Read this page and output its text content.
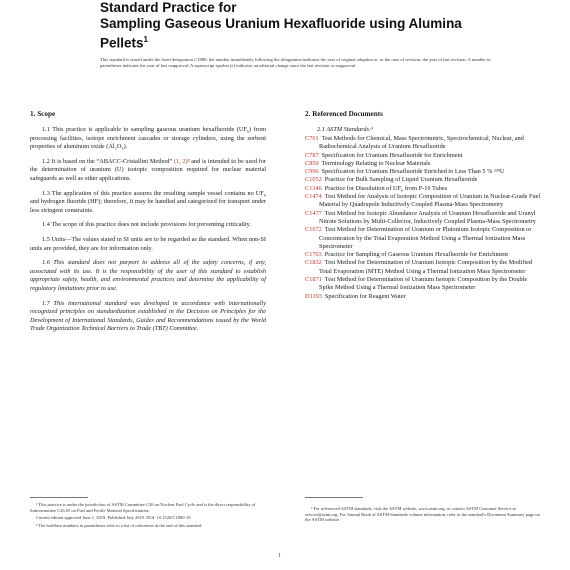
Standard Practice for
Sampling Gaseous Uranium Hexafluoride using Alumina
Pellets$^1$
This standard is issued under the fixed designation C1880; the number immediately following the designation indicates the year of original adoption or, in the case of revision, the year of last revision. A number in parentheses indicates the year of last reapproval. A superscript epsilon (ε) indicates an editorial change since the last revision or reapproval.
1. Scope

1.1 This practice is applicable to sampling gaseous uranium hexafluoride (UF₆) from processing facilities, isotope enrichment cascades or storage cylinders, using the sorbent properties of aluminum oxide (Al₂O₃).

1.2 It is based on the “ABACC-Cristallini Method” (1, 2)² and is intended to be used for the determination of uranium (U) isotopic composition required for nuclear material safeguards as well as other applications.

1.3 The application of this practice assures the resulting sample vessel contains no UF₆ and hydrogen fluoride (HF); therefore, it may be handled and categorized for transport under less stringent constraints.

1.4 The scope of this practice does not include provisions for preventing criticality.

1.5 Units—The values stated in SI units are to be regarded as the standard. When non-SI units are provided, they are for information only.

1.6 This standard does not purport to address all of the safety concerns, if any, associated with its use. It is the responsibility of the user of this standard to establish appropriate safety, health, and environmental practices and determine the applicability of regulatory limitations prior to use.

1.7 This international standard was developed in accordance with internationally recognized principles on standardization established in the Decision on Principles for the Development of International Standards, Guides and Recommendations issued by the World Trade Organization Technical Barriers to Trade (TBT) Committee.

2. Referenced Documents
2.1 ASTM Standards:³
C761 Test Methods for Chemical, Mass Spectrometric, Spectrochemical, Nuclear, and Radiochemical Analysis of Uranium Hexafluoride
C787 Specification for Uranium Hexafluoride for Enrichment
C859 Terminology Relating to Nuclear Materials
C996 Specification for Uranium Hexafluoride Enriched to Less Than 5 % ²³⁵U
C1052 Practice for Bulk Sampling of Liquid Uranium Hexafluoride
C1346 Practice for Dissolution of UF₆ from P-10 Tubes
C1474 Test Method for Analysis of Isotopic Composition of Uranium in Nuclear-Grade Fuel Material by Quadrupole Inductively Coupled Plasma-Mass Spectrometry
C1477 Test Method for Isotopic Abundance Analysis of Uranium Hexafluoride and Uranyl Nitrate Solutions by Multi-Collector, Inductively Coupled Plasma-Mass Spectrometry
C1672 Test Method for Determination of Uranium or Plutonium Isotopic Composition or Concentration by the Total Evaporation Method Using a Thermal Ionization Mass Spectrometer
C1703 Practice for Sampling of Gaseous Uranium Hexafluoride for Enrichment
C1832 Test Method for Determination of Uranium Isotopic Composition by the Modified Total Evaporation (MTE) Method Using a Thermal Ionization Mass Spectrometer
C1871 Test Method for Determination of Uranium Isotopic Composition by the Double Spike Method Using a Thermal Ionization Mass Spectrometer
D1193 Specification for Reagent Water

¹ This practice is under the jurisdiction of ASTM Committee C26 on Nuclear Fuel Cycle and is the direct responsibility of Subcommittee C26.05 on Fuel and Fertile Material Specifications.

Current edition approved June 1, 2019. Published July 2019. DOI: 10.1520/C1880-19.

² The boldface numbers in parentheses refer to a list of references at the end of this standard.

³ For referenced ASTM standards, visit the ASTM website, www.astm.org, or contact ASTM Customer Service at service@astm.org. For Annual Book of ASTM Standards volume information, refer to the standard's Document Summary page on the ASTM website.

1
